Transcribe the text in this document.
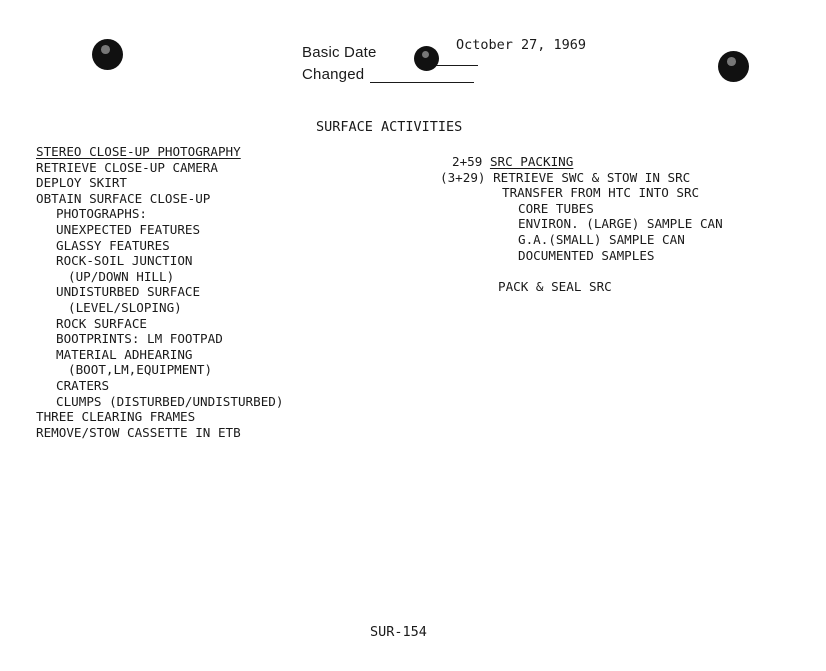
Basic Date	October 27, 1969
Changed
SURFACE ACTIVITIES
STEREO CLOSE-UP PHOTOGRAPHY
RETRIEVE CLOSE-UP CAMERA
DEPLOY SKIRT
OBTAIN SURFACE CLOSE-UP
PHOTOGRAPHS:
UNEXPECTED FEATURES
GLASSY FEATURES
ROCK-SOIL JUNCTION
(UP/DOWN HILL)
UNDISTURBED SURFACE
(LEVEL/SLOPING)
ROCK SURFACE
BOOTPRINTS: LM FOOTPAD
MATERIAL ADHEARING
(BOOT,LM,EQUIPMENT)
CRATERS
CLUMPS (DISTURBED/UNDISTURBED)
THREE CLEARING FRAMES
REMOVE/STOW CASSETTE IN ETB
2+59 SRC PACKING
(3+29) RETRIEVE SWC & STOW IN SRC
TRANSFER FROM HTC INTO SRC
CORE TUBES
ENVIRON. (LARGE) SAMPLE CAN
G.A.(SMALL) SAMPLE CAN
DOCUMENTED SAMPLES
PACK & SEAL SRC
SUR-154
